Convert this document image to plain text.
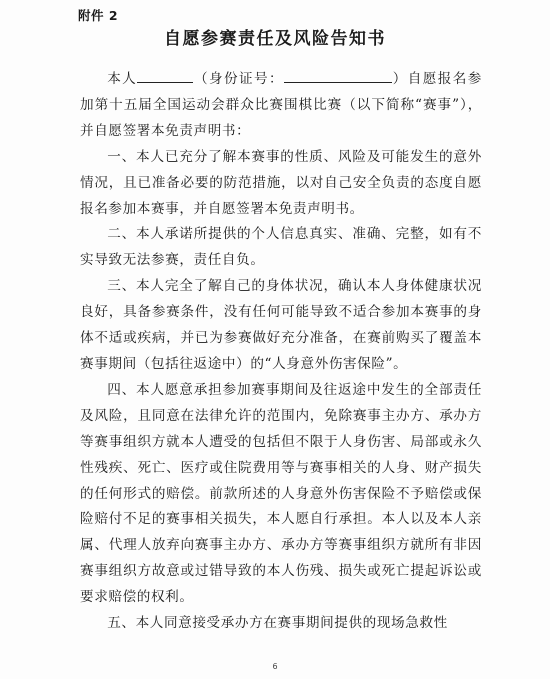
附件 2
自愿参赛责任及风险告知书

本人	（身份证号：	）自愿报名参加第十五届全国运动会群众比赛围棋比赛（以下简称“赛事”），并自愿签署本免责声明书：

一、本人已充分了解本赛事的性质、风险及可能发生的意外情况，且已准备必要的防范措施，以对自己安全负责的态度自愿报名参加本赛事，并自愿签署本免责声明书。

二、本人承诺所提供的个人信息真实、准确、完整，如有不实导致无法参赛，责任自负。

三、本人完全了解自己的身体状况，确认本人身体健康状况良好，具备参赛条件，没有任何可能导致不适合参加本赛事的身体不适或疾病，并已为参赛做好充分准备，在赛前购买了覆盖本赛事期间（包括往返途中）的“人身意外伤害保险”。

四、本人愿意承担参加赛事期间及往返途中发生的全部责任及风险，且同意在法律允许的范围内，免除赛事主办方、承办方等赛事组织方就本人遭受的包括但不限于人身伤害、局部或永久性残疾、死亡、医疗或住院费用等与赛事相关的人身、财产损失的任何形式的赔偿。前款所述的人身意外伤害保险不予赔偿或保险赔付不足的赛事相关损失，本人愿自行承担。本人以及本人亲属、代理人放弃向赛事主办方、承办方等赛事组织方就所有非因赛事组织方故意或过错导致的本人伤残、损失或死亡提起诉讼或要求赔偿的权利。

五、本人同意接受承办方在赛事期间提供的现场急救性

6
